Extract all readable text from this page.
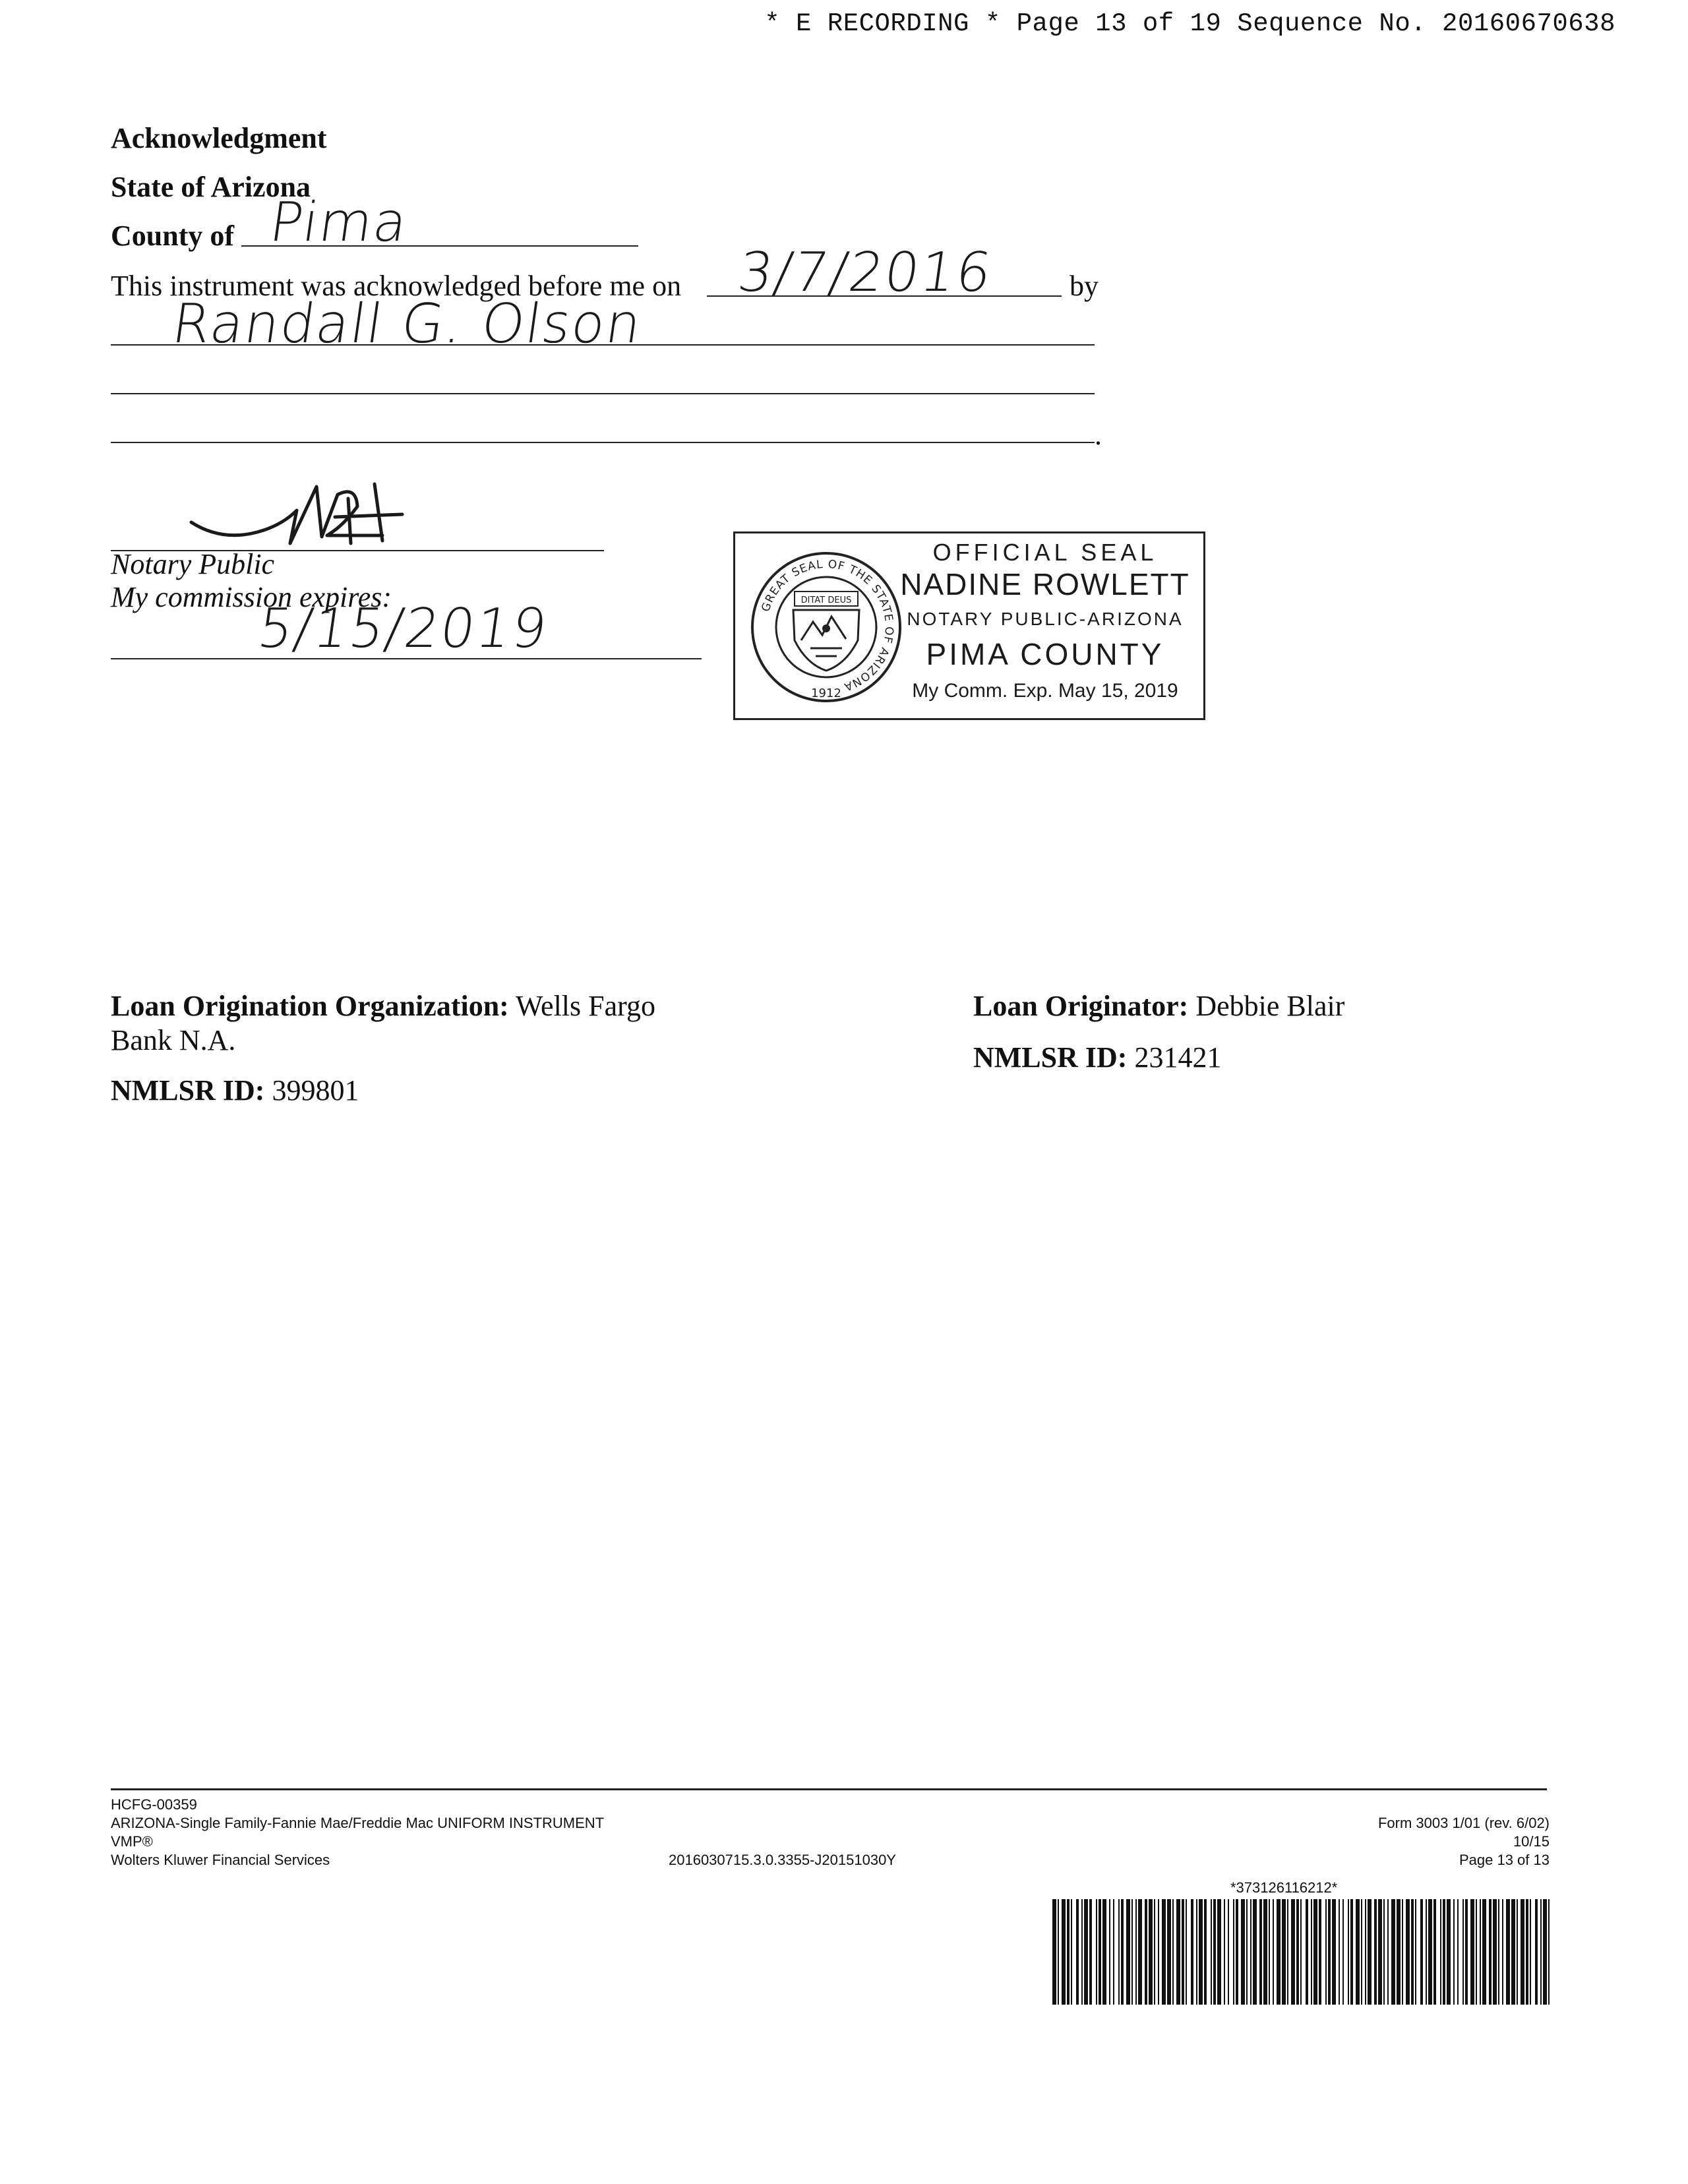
* E RECORDING * Page 13 of 19 Sequence No. 20160670638
Acknowledgment
State of Arizona
County of Pima
This instrument was acknowledged before me on 3/7/2016	by
Randall G. Olson
.
Notary Public
My commission expires:
5/15/2019	GREAT SEAL OF THE STATE OF ARIZONA
1912
DITAT DEUS
OFFICIAL SEAL
NADINE ROWLETT
NOTARY PUBLIC-ARIZONA
PIMA COUNTY
My Comm. Exp. May 15, 2019
Loan Origination Organization: Wells Fargo
Bank N.A.
NMLSR ID: 399801
Loan Originator: Debbie Blair
NMLSR ID: 231421
HCFG-00359
ARIZONA-Single Family-Fannie Mae/Freddie Mac UNIFORM INSTRUMENT
VMP®
Wolters Kluwer Financial Services	2016030715.3.0.3355-J20151030Y
Form 3003 1/01 (rev. 6/02)
10/15
Page 13 of 13
*373126116212*
